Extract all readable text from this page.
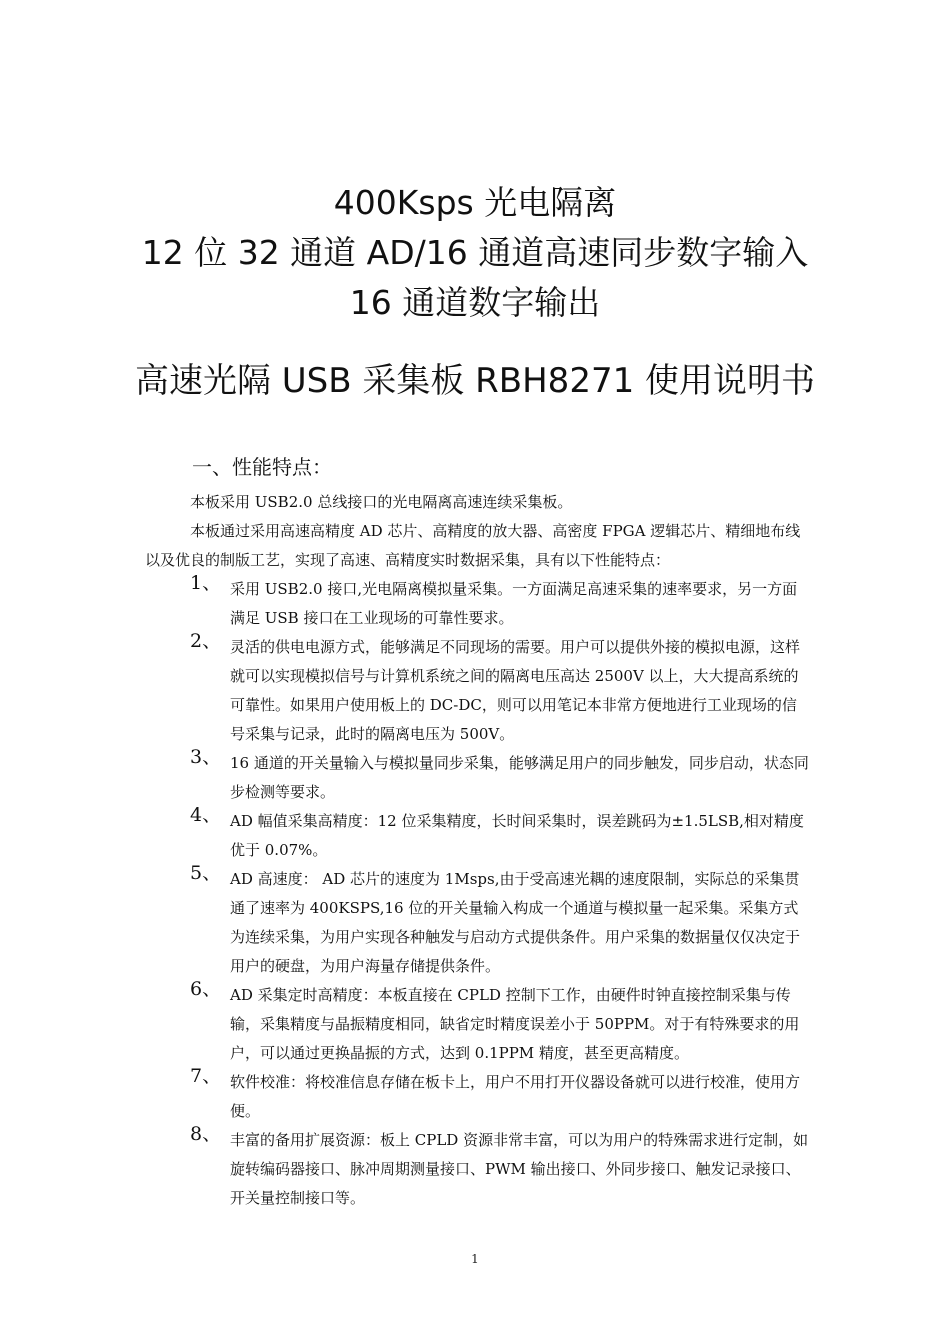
400Ksps 光电隔离
12 位 32 通道 AD/16 通道高速同步数字输入
16 通道数字输出
高速光隔 USB 采集板 RBH8271 使用说明书
一、性能特点：

本板采用 USB2.0 总线接口的光电隔离高速连续采集板。

本板通过采用高速高精度 AD 芯片、高精度的放大器、高密度 FPGA 逻辑芯片、精细地布线以及优良的制版工艺，实现了高速、高精度实时数据采集，具有以下性能特点：

1、 采用 USB2.0 接口,光电隔离模拟量采集。一方面满足高速采集的速率要求，另一方面满足 USB 接口在工业现场的可靠性要求。
2、 灵活的供电电源方式，能够满足不同现场的需要。用户可以提供外接的模拟电源，这样就可以实现模拟信号与计算机系统之间的隔离电压高达 2500V 以上，大大提高系统的可靠性。如果用户使用板上的 DC-DC，则可以用笔记本非常方便地进行工业现场的信号采集与记录，此时的隔离电压为 500V。
3、 16 通道的开关量输入与模拟量同步采集，能够满足用户的同步触发，同步启动，状态同步检测等要求。
4、 AD 幅值采集高精度：12 位采集精度，长时间采集时，误差跳码为±1.5LSB,相对精度优于 0.07%。
5、 AD 高速度： AD 芯片的速度为 1Msps,由于受高速光耦的速度限制，实际总的采集贯通了速率为 400KSPS,16 位的开关量输入构成一个通道与模拟量一起采集。采集方式为连续采集，为用户实现各种触发与启动方式提供条件。用户采集的数据量仅仅决定于用户的硬盘，为用户海量存储提供条件。
6、 AD 采集定时高精度：本板直接在 CPLD 控制下工作，由硬件时钟直接控制采集与传输，采集精度与晶振精度相同，缺省定时精度误差小于 50PPM。对于有特殊要求的用户，可以通过更换晶振的方式，达到 0.1PPM 精度，甚至更高精度。
7、 软件校准：将校准信息存储在板卡上，用户不用打开仪器设备就可以进行校准，使用方便。
8、 丰富的备用扩展资源：板上 CPLD 资源非常丰富，可以为用户的特殊需求进行定制，如旋转编码器接口、脉冲周期测量接口、PWM 输出接口、外同步接口、触发记录接口、开关量控制接口等。
1
